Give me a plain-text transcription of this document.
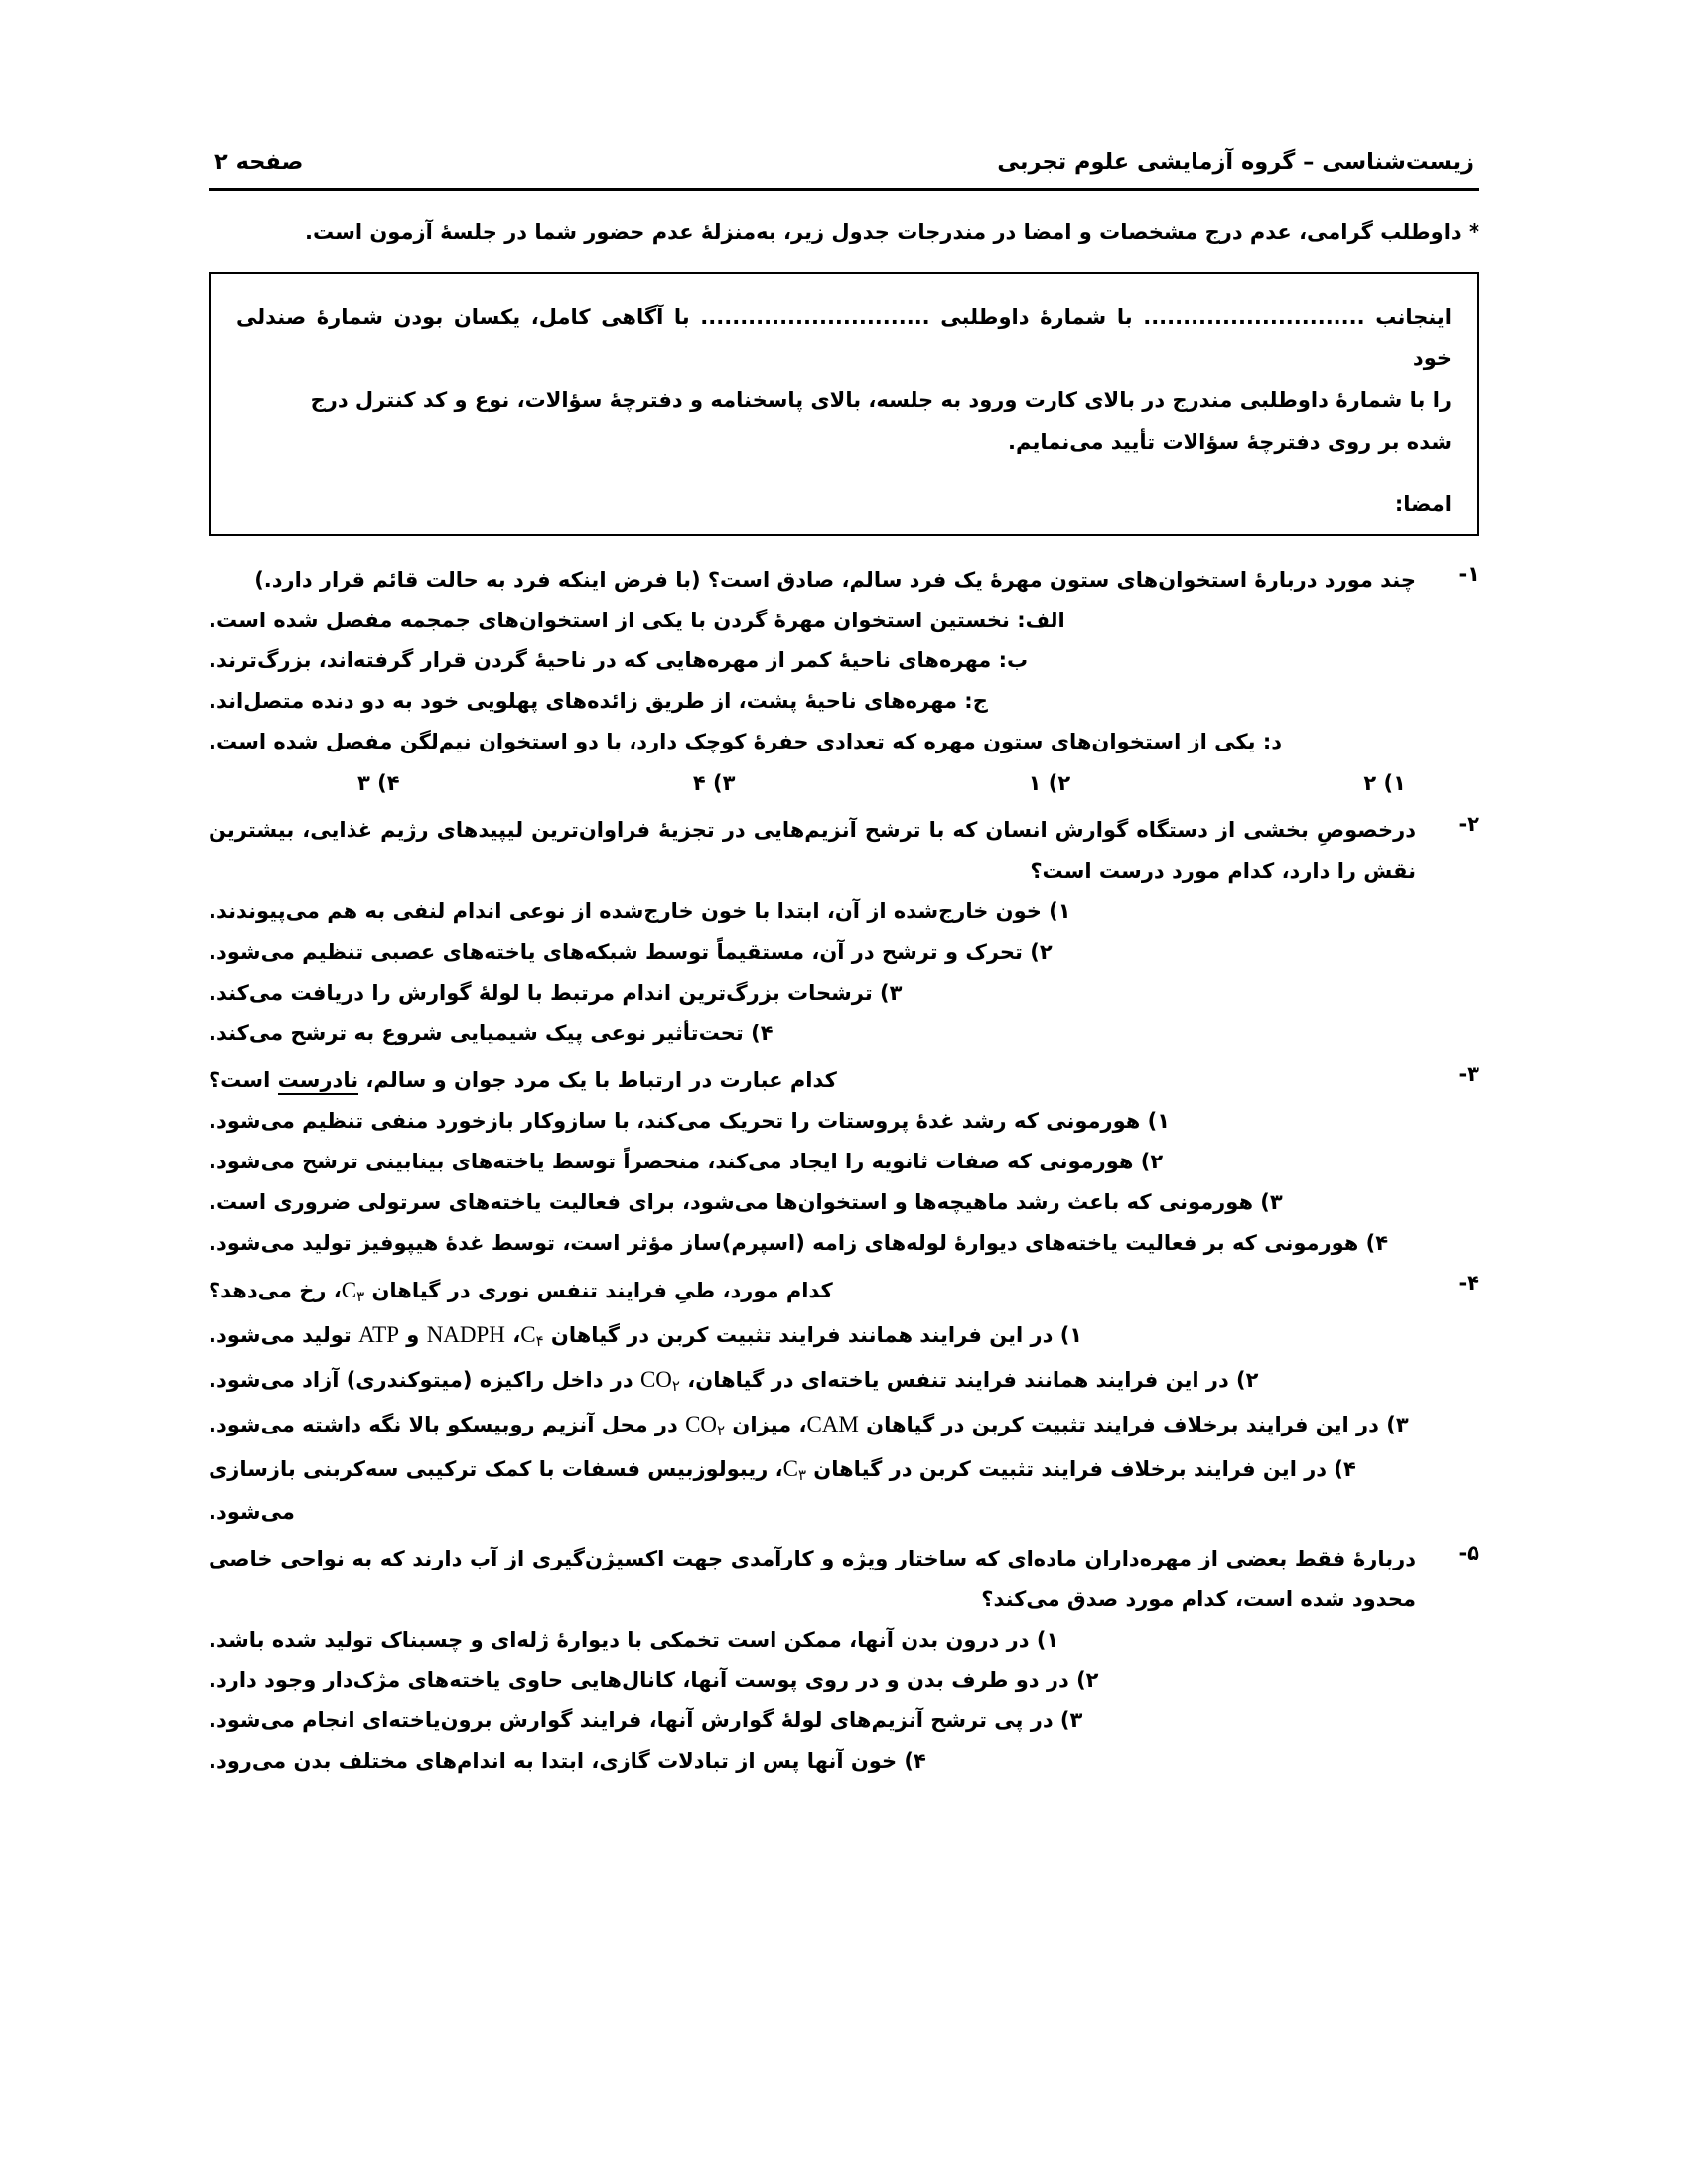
زیست‌شناسی – گروه آزمایشی علوم تجربی
صفحه ۲
* داوطلب گرامی، عدم درج مشخصات و امضا در مندرجات جدول زیر، به‌منزلهٔ عدم حضور شما در جلسهٔ آزمون است.
اینجانب ............................ با شمارهٔ داوطلبی ............................. با آگاهی کامل، یکسان بودن شمارهٔ صندلی خود
را با شمارهٔ داوطلبی مندرج در بالای کارت ورود به جلسه، بالای پاسخنامه و دفترچهٔ سؤالات، نوع و کد کنترل درج
شده بر روی دفترچهٔ سؤالات تأیید می‌نمایم.
امضا:
۱-
چند مورد دربارهٔ استخوان‌های ستون مهرهٔ یک فرد سالم، صادق است؟ (با فرض اینکه فرد به حالت قائم قرار دارد.)
الف: نخستین استخوان مهرهٔ گردن با یکی از استخوان‌های جمجمه مفصل شده است.
ب: مهره‌های ناحیهٔ کمر از مهره‌هایی که در ناحیهٔ گردن قرار گرفته‌اند، بزرگ‌ترند.
ج: مهره‌های ناحیهٔ پشت، از طریق زائده‌های پهلویی خود به دو دنده متصل‌اند.
د: یکی از استخوان‌های ستون مهره که تعدادی حفرهٔ کوچک دارد، با دو استخوان نیم‌لگن مفصل شده است.
۱) ۲
۲) ۱
۳) ۴
۴) ۳
۲-
درخصوصِ بخشی از دستگاه گوارش انسان که با ترشح آنزیم‌هایی در تجزیهٔ فراوان‌ترین لیپیدهای رژیم غذایی، بیشترین نقش را دارد، کدام مورد درست است؟
۱) خون خارج‌شده از آن، ابتدا با خون خارج‌شده از نوعی اندام لنفی به هم می‌پیوندند.
۲) تحرک و ترشح در آن، مستقیماً توسط شبکه‌های یاخته‌های عصبی تنظیم می‌شود.
۳) ترشحات بزرگ‌ترین اندام مرتبط با لولهٔ گوارش را دریافت می‌کند.
۴) تحت‌تأثیر نوعی پیک شیمیایی شروع به ترشح می‌کند.
۳-
کدام عبارت در ارتباط با یک مرد جوان و سالم، نادرست است؟
۱) هورمونی که رشد غدهٔ پروستات را تحریک می‌کند، با سازوکار بازخورد منفی تنظیم می‌شود.
۲) هورمونی که صفات ثانویه را ایجاد می‌کند، منحصراً توسط یاخته‌های بینابینی ترشح می‌شود.
۳) هورمونی که باعث رشد ماهیچه‌ها و استخوان‌ها می‌شود، برای فعالیت یاخته‌های سرتولی ضروری است.
۴) هورمونی که بر فعالیت یاخته‌های دیوارهٔ لوله‌های زامه (اسپرم)ساز مؤثر است، توسط غدهٔ هیپوفیز تولید می‌شود.
۴-
کدام مورد، طیِ فرایند تنفس نوری در گیاهان $C_۳،$ رخ می‌دهد؟
۱) در این فرایند همانند فرایند تثبیت کربن در گیاهان $C_۴،$ NADPH و ATP تولید می‌شود.
۲) در این فرایند همانند فرایند تنفس یاخته‌ای در گیاهان، $CO_۲$ در داخل راکیزه (میتوکندری) آزاد می‌شود.
۳) در این فرایند برخلاف فرایند تثبیت کربن در گیاهان CAM، میزان $CO_۲$ در محل آنزیم روبیسکو بالا نگه داشته می‌شود.
۴) در این فرایند برخلاف فرایند تثبیت کربن در گیاهان $C_۳،$ ریبولوزبیس فسفات با کمک ترکیبی سه‌کربنی بازسازی می‌شود.
۵-
دربارهٔ فقط بعضی از مهره‌داران ماده‌ای که ساختار ویژه و کارآمدی جهت اکسیژن‌گیری از آب دارند که به نواحی خاصی محدود شده است، کدام مورد صدق می‌کند؟
۱) در درون بدن آنها، ممکن است تخمکی با دیوارهٔ ژله‌ای و چسبناک تولید شده باشد.
۲) در دو طرف بدن و در روی پوست آنها، کانال‌هایی حاوی یاخته‌های مژک‌دار وجود دارد.
۳) در پی ترشح آنزیم‌های لولهٔ گوارش آنها، فرایند گوارش برون‌یاخته‌ای انجام می‌شود.
۴) خون آنها پس از تبادلات گازی، ابتدا به اندام‌های مختلف بدن می‌رود.
